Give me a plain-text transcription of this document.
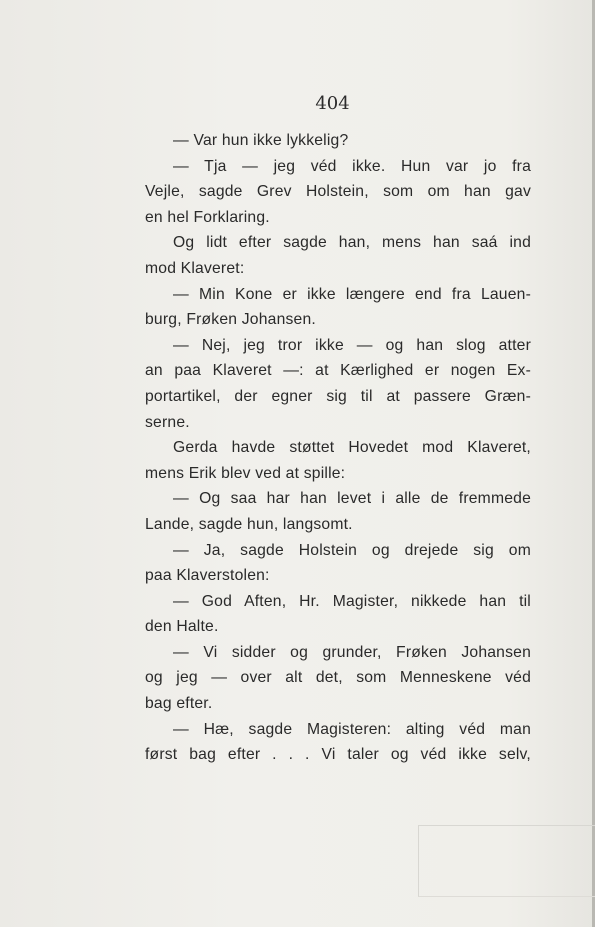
404
— Var hun ikke lykkelig?
— Tja — jeg véd ikke. Hun var jo fra
Vejle, sagde Grev Holstein, som om han gav
en hel Forklaring.
Og lidt efter sagde han, mens han saá ind
mod Klaveret:
— Min Kone er ikke længere end fra Lauen-
burg, Frøken Johansen.
— Nej, jeg tror ikke — og han slog atter
an paa Klaveret —: at Kærlighed er nogen Ex-
portartikel, der egner sig til at passere Græn-
serne.
Gerda havde støttet Hovedet mod Klaveret,
mens Erik blev ved at spille:
— Og saa har han levet i alle de fremmede
Lande, sagde hun, langsomt.
— Ja, sagde Holstein og drejede sig om
paa Klaverstolen:
— God Aften, Hr. Magister, nikkede han til
den Halte.
— Vi sidder og grunder, Frøken Johansen
og jeg — over alt det, som Menneskene véd
bag efter.
— Hæ, sagde Magisteren: alting véd man
først bag efter . . . Vi taler og véd ikke selv,
